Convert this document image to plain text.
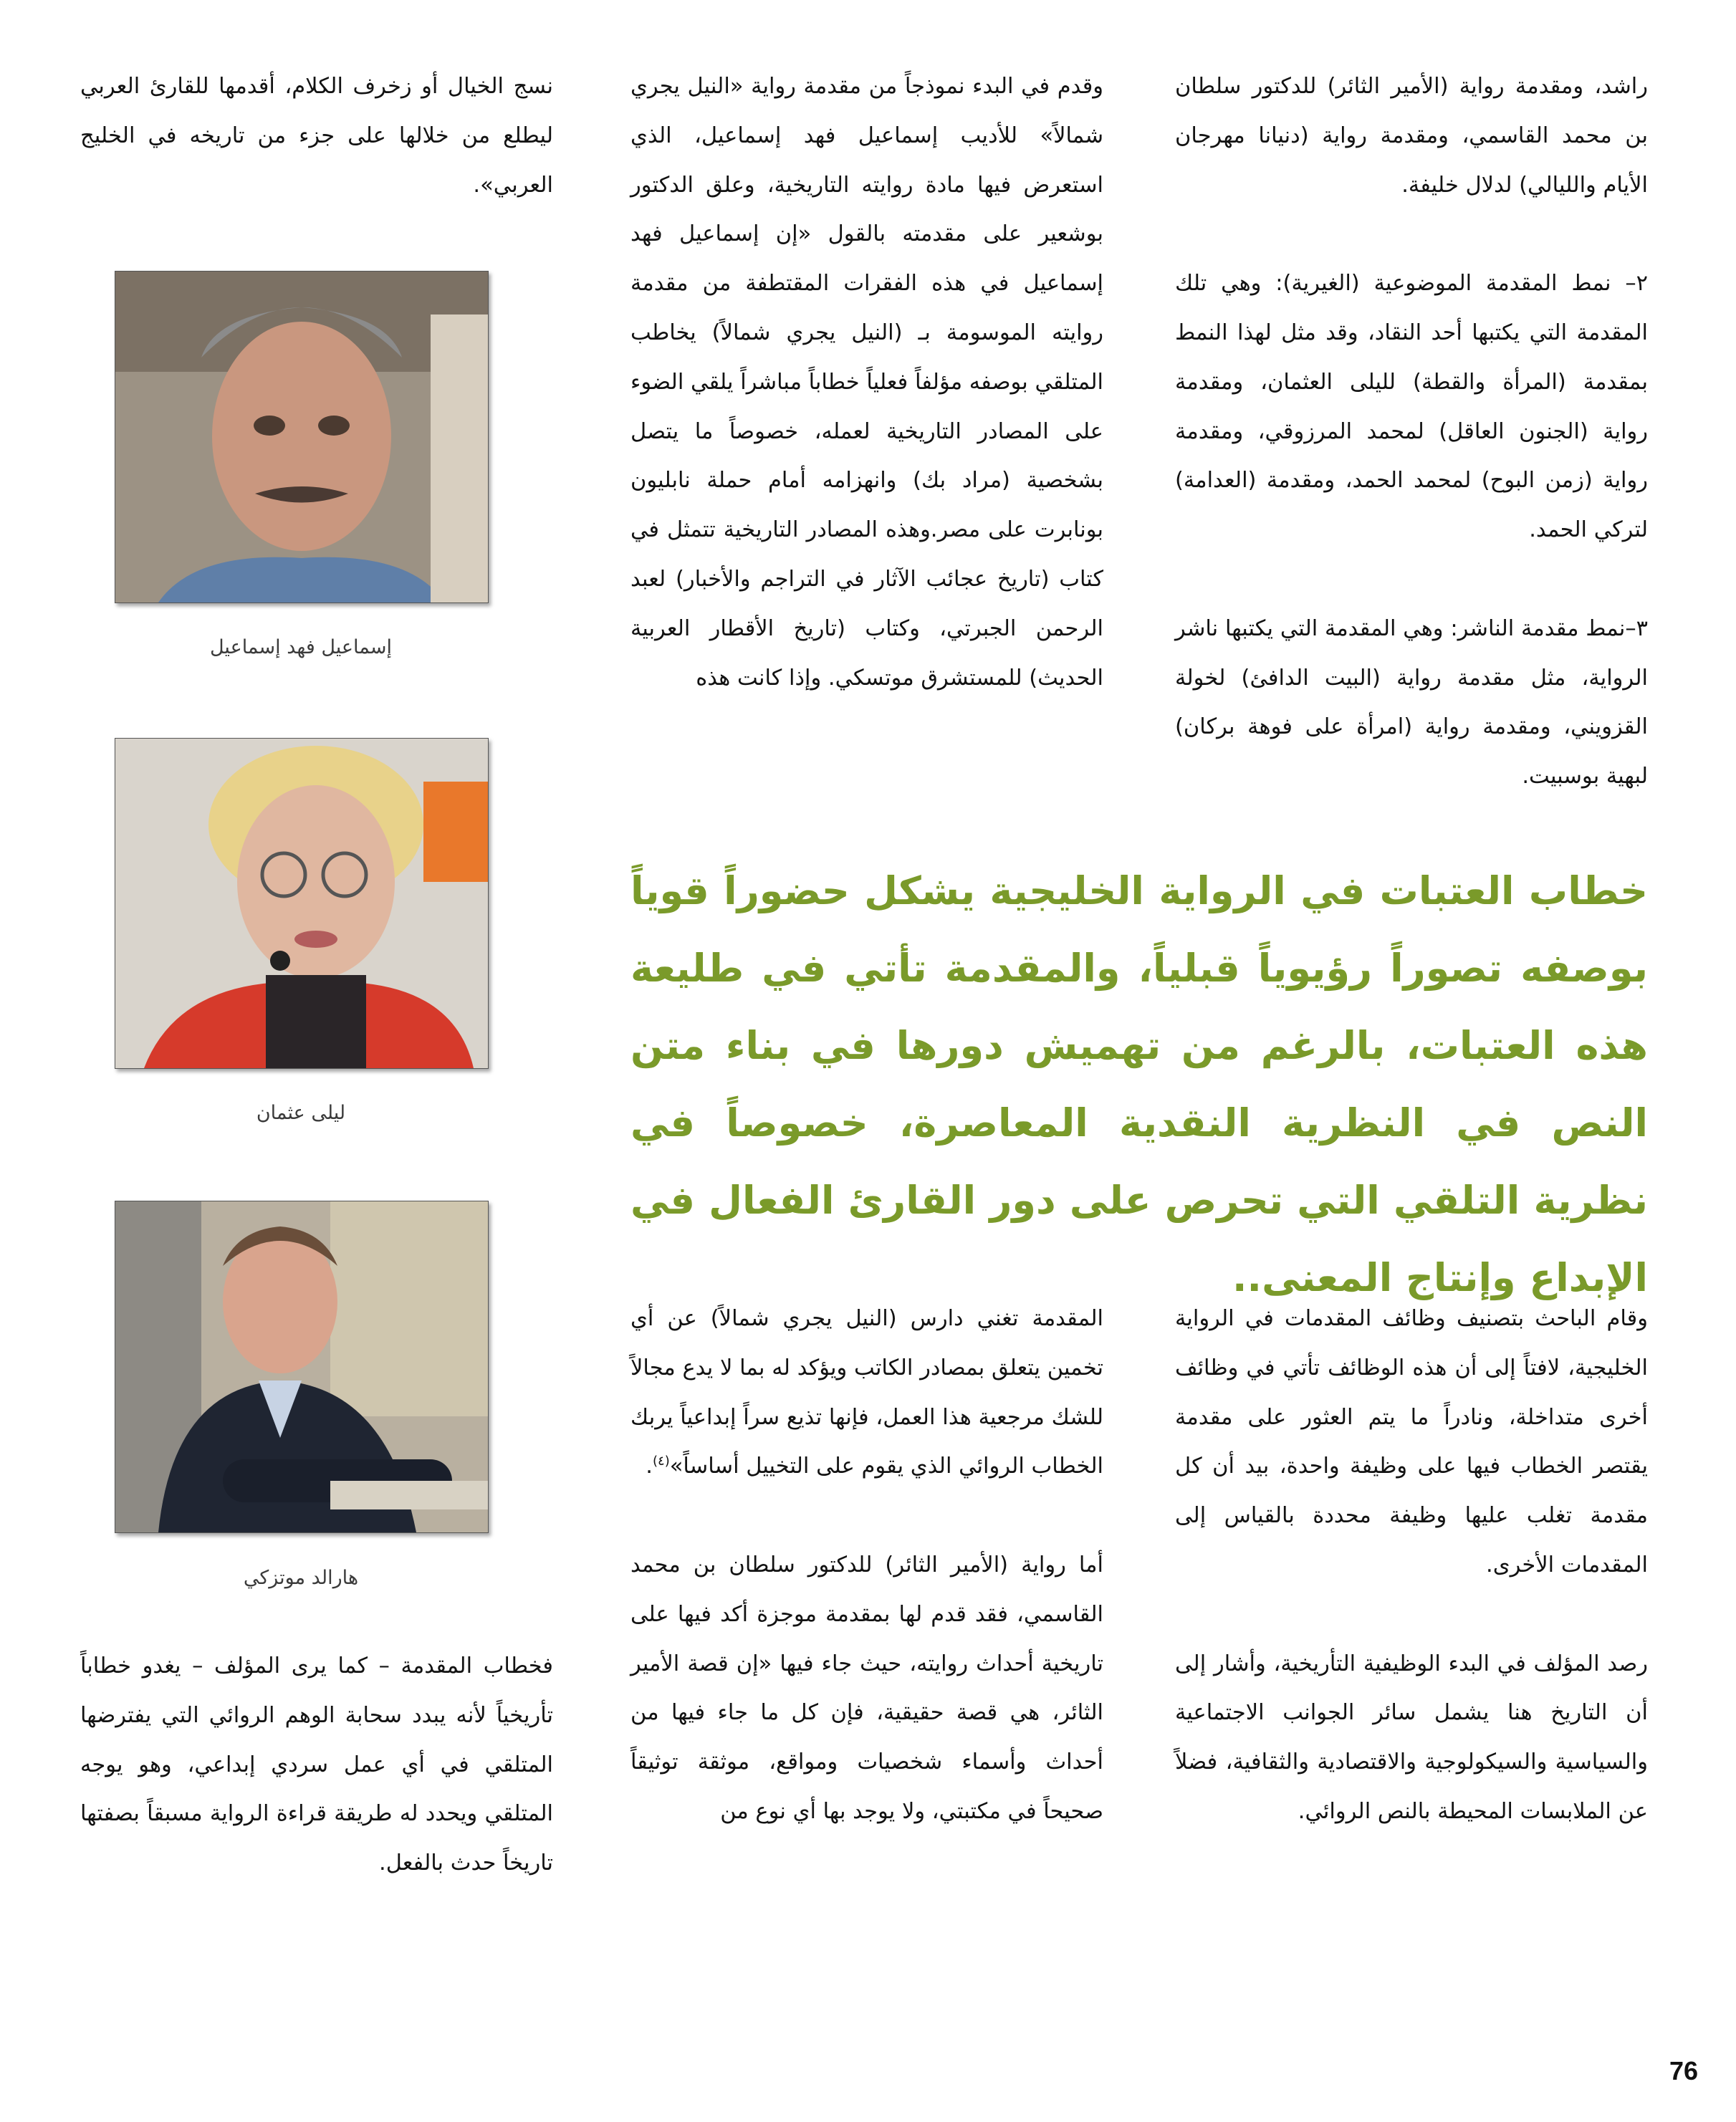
راشد، ومقدمة رواية (الأمير الثائر) للدكتور سلطان بن محمد القاسمي، ومقدمة رواية (دنيانا مهرجان الأيام والليالي) لدلال خليفة.

٢– نمط المقدمة الموضوعية (الغيرية): وهي تلك المقدمة التي يكتبها أحد النقاد، وقد مثل لهذا النمط بمقدمة (المرأة والقطة) لليلى العثمان، ومقدمة رواية (الجنون العاقل) لمحمد المرزوقي، ومقدمة رواية (زمن البوح) لمحمد الحمد، ومقدمة (العدامة) لتركي الحمد.

٣–نمط مقدمة الناشر: وهي المقدمة التي يكتبها ناشر الرواية، مثل مقدمة رواية (البيت الدافئ) لخولة القزويني، ومقدمة رواية (امرأة على فوهة بركان) لبهية بوسبيت.

وقدم في البدء نموذجاً من مقدمة رواية «النيل يجري شمالاً» للأديب إسماعيل فهد إسماعيل، الذي استعرض فيها مادة روايته التاريخية، وعلق الدكتور بوشعير على مقدمته بالقول «إن إسماعيل فهد إسماعيل في هذه الفقرات المقتطفة من مقدمة روايته الموسومة بـ (النيل يجري شمالاً) يخاطب المتلقي بوصفه مؤلفاً فعلياً خطاباً مباشراً يلقي الضوء على المصادر التاريخية لعمله، خصوصاً ما يتصل بشخصية (مراد بك) وانهزامه أمام حملة نابليون بونابرت على مصر.وهذه المصادر التاريخية تتمثل في كتاب (تاريخ عجائب الآثار في التراجم والأخبار) لعبد الرحمن الجبرتي، وكتاب (تاريخ الأقطار العربية الحديث) للمستشرق موتسكي. وإذا كانت هذه

نسج الخيال أو زخرف الكلام، أقدمها للقارئ العربي ليطلع من خلالها على جزء من تاريخه في الخليج العربي».

خطاب العتبات في الرواية الخليجية يشكل حضوراً قوياً بوصفه تصوراً رؤيوياً قبلياً، والمقدمة تأتي في طليعة هذه العتبات، بالرغم من تهميش دورها في بناء متن النص في النظرية النقدية المعاصرة، خصوصاً في نظرية التلقي التي تحرص على دور القارئ الفعال في الإبداع وإنتاج المعنى..

وقام الباحث بتصنيف وظائف المقدمات في الرواية الخليجية، لافتاً إلى أن هذه الوظائف تأتي في وظائف أخرى متداخلة، ونادراً ما يتم العثور على مقدمة يقتصر الخطاب فيها على وظيفة واحدة، بيد أن كل مقدمة تغلب عليها وظيفة محددة بالقياس إلى المقدمات الأخرى.

رصد المؤلف في البدء الوظيفية التأريخية، وأشار إلى أن التاريخ هنا يشمل سائر الجوانب الاجتماعية والسياسية والسيكولوجية والاقتصادية والثقافية، فضلاً عن الملابسات المحيطة بالنص الروائي.

المقدمة تغني دارس (النيل يجري شمالاً) عن أي تخمين يتعلق بمصادر الكاتب ويؤكد له بما لا يدع مجالاً للشك مرجعية هذا العمل، فإنها تذيع سراً إبداعياً يربك الخطاب الروائي الذي يقوم على التخييل أساساً»$^{(٤)}$.

أما رواية (الأمير الثائر) للدكتور سلطان بن محمد القاسمي، فقد قدم لها بمقدمة موجزة أكد فيها على تاريخية أحداث روايته، حيث جاء فيها «إن قصة الأمير الثائر، هي قصة حقيقية، فإن كل ما جاء فيها من أحداث وأسماء شخصيات ومواقع، موثقة توثيقاً صحيحاً في مكتبتي، ولا يوجد بها أي نوع من

فخطاب المقدمة – كما يرى المؤلف – يغدو خطاباً تأريخياً لأنه يبدد سحابة الوهم الروائي التي يفترضها المتلقي في أي عمل سردي إبداعي، وهو يوجه المتلقي ويحدد له طريقة قراءة الرواية مسبقاً بصفتها تاريخاً حدث بالفعل.

إسماعيل فهد إسماعيل
ليلى عثمان
هارالد موتزكي
76
